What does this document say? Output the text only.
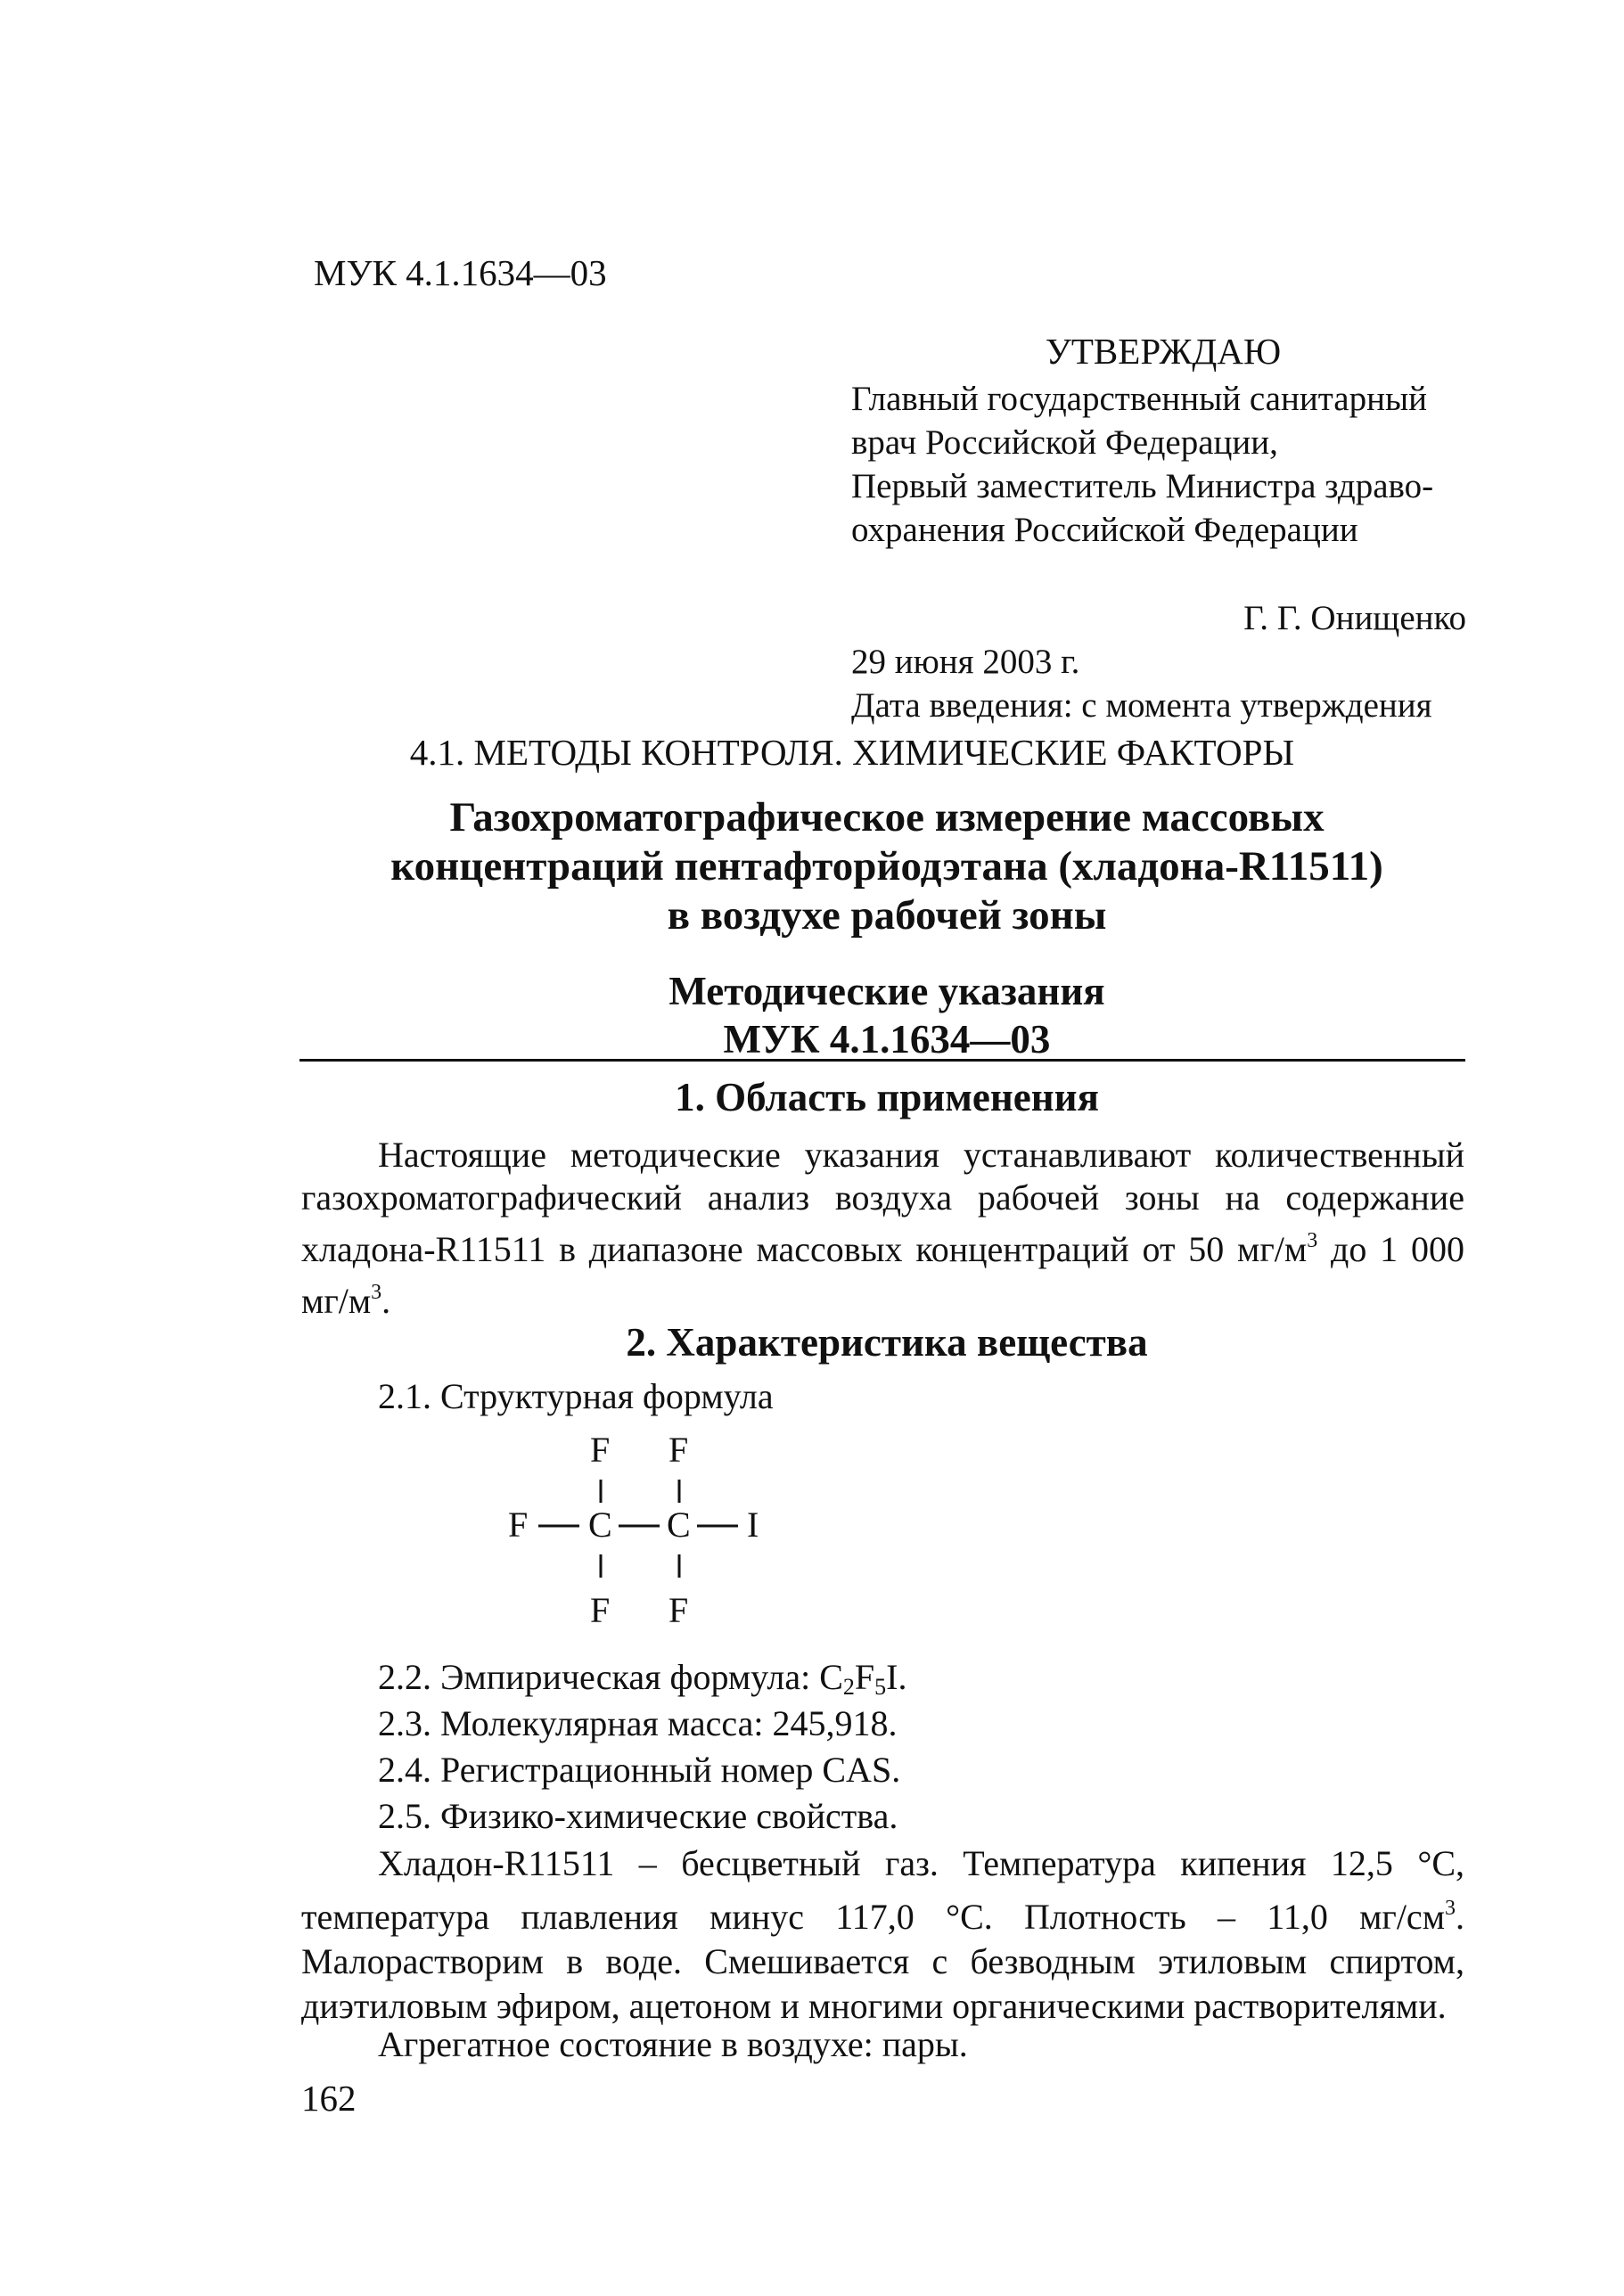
МУК 4.1.1634—03
УТВЕРЖДАЮ
Главный государственный санитарный
врач Российской Федерации,
Первый заместитель Министра здраво-
охранения Российской Федерации
Г. Г. Онищенко
29 июня 2003 г.
Дата введения: с момента утверждения
4.1. МЕТОДЫ КОНТРОЛЯ. ХИМИЧЕСКИЕ ФАКТОРЫ
Газохроматографическое измерение массовых
концентраций пентафторйодэтана (хладона-R11511)
в воздухе рабочей зоны
Методические указания
МУК 4.1.1634—03
1. Область применения
Настоящие методические указания устанавливают количественный газохроматографический анализ воздуха рабочей зоны на содержание хладона-R11511 в диапазоне массовых концентраций от 50 $мг/м^3$ до 1 000 $мг/м^3$.
2. Характеристика вещества
2.1. Структурная формула
F F
F C C I
F F
2.2. Эмпирическая формула: $C_2F_5I$.
2.3. Молекулярная масса: 245,918.
2.4. Регистрационный номер CAS.
2.5. Физико-химические свойства.
Хладон-R11511 – бесцветный газ. Температура кипения 12,5 °С, температура плавления минус 117,0 °С. Плотность – 11,0 $мг/см^3$. Малорастворим в воде. Смешивается с безводным этиловым спиртом, диэтиловым эфиром, ацетоном и многими органическими растворителями.
Агрегатное состояние в воздухе: пары.
162
